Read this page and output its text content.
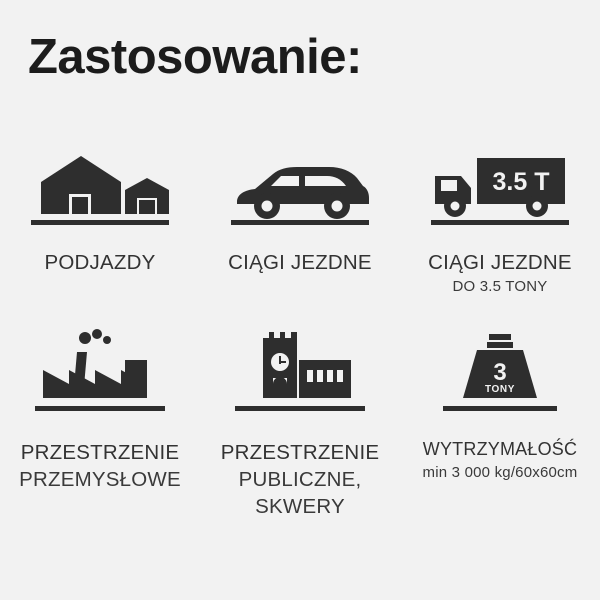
Zastosowanie:
PODJAZDY	CIĄGI JEZDNE
3.5 T
CIĄGI JEZDNE
DO 3.5 TONY
PRZESTRZENIE
PRZEMYSŁOWE
PRZESTRZENIE
PUBLICZNE, SKWERY
3
TONY
WYTRZYMAŁOŚĆ
min 3 000 kg/60x60cm
